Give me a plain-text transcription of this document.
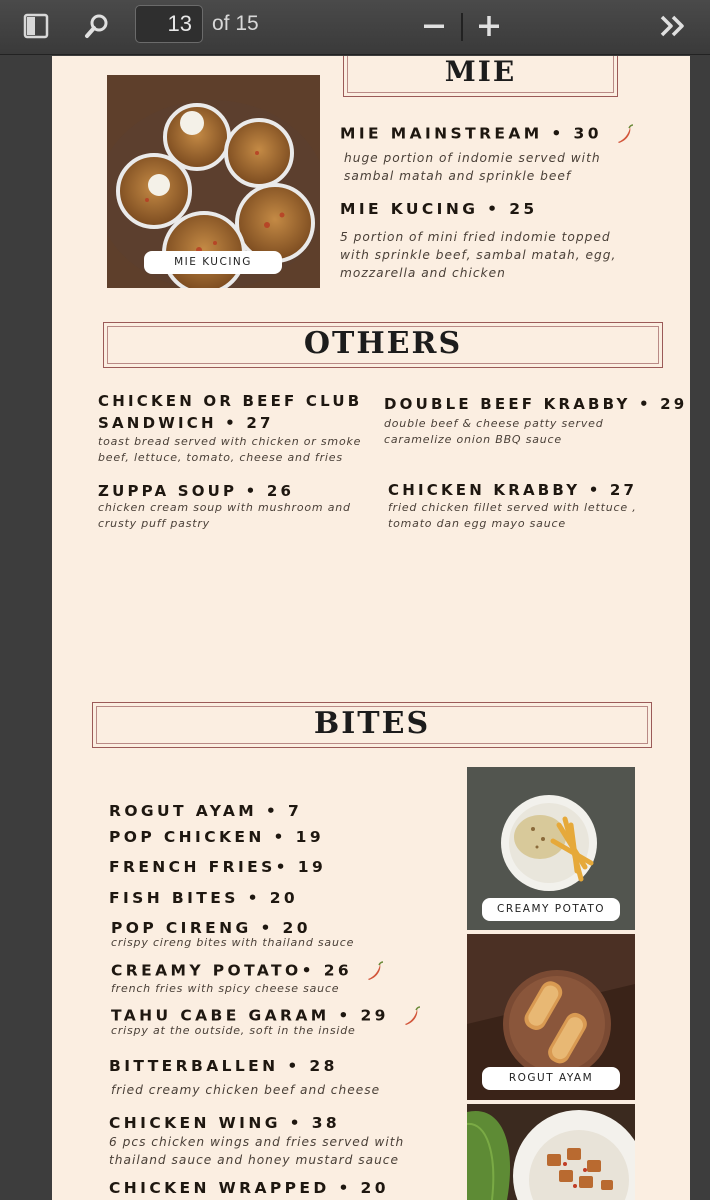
13
of 15
MIE
MIE KUCING
MIE MAINSTREAM • 30
huge portion of indomie served with
sambal matah and sprinkle beef
MIE KUCING • 25
5 portion of mini fried indomie topped
with sprinkle beef, sambal matah, egg,
mozzarella and chicken
OTHERS
CHICKEN OR BEEF CLUB
SANDWICH • 27
toast bread served with chicken or smoke
beef, lettuce, tomato, cheese and fries
DOUBLE BEEF KRABBY • 29
double beef & cheese patty served
caramelize onion BBQ sauce
ZUPPA SOUP • 26
chicken cream soup with mushroom and
crusty puff pastry
CHICKEN KRABBY • 27
fried chicken fillet served with lettuce ,
tomato dan egg mayo sauce
BITES
CREAMY POTATO
ROGUT AYAM
ROGUT AYAM • 7
POP CHICKEN • 19
FRENCH FRIES• 19
FISH BITES • 20
POP CIRENG • 20
crispy cireng bites with thailand sauce
CREAMY POTATO• 26
french fries with spicy cheese sauce
TAHU CABE GARAM • 29
crispy at the outside, soft in the inside
BITTERBALLEN • 28
fried creamy chicken beef and cheese
CHICKEN WING • 38
6 pcs chicken wings and fries served with
thailand sauce and honey mustard sauce
CHICKEN WRAPPED • 20
